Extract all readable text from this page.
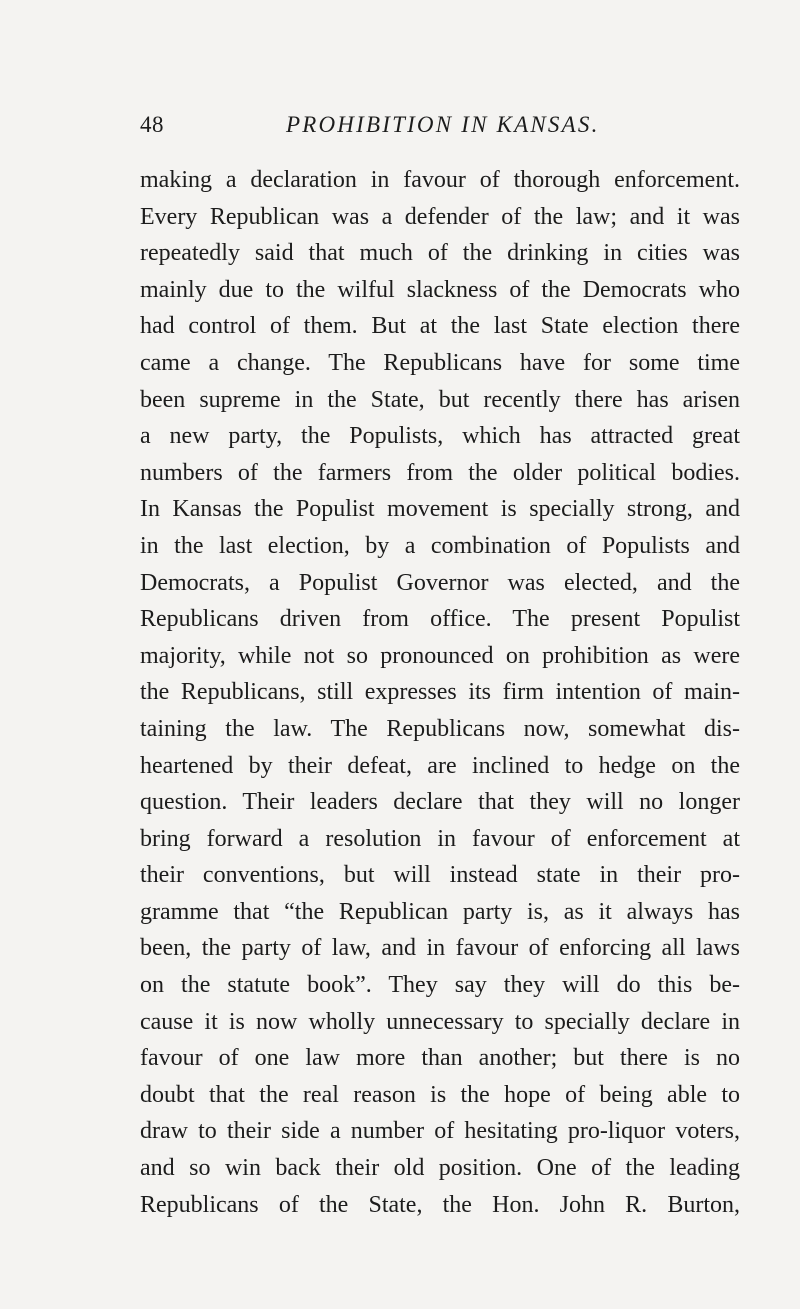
48	PROHIBITION IN KANSAS.
making a declaration in favour of thorough enforcement.
Every Republican was a defender of the law; and it was
repeatedly said that much of the drinking in cities was
mainly due to the wilful slackness of the Democrats who
had control of them. But at the last State election there
came a change. The Republicans have for some time
been supreme in the State, but recently there has arisen
a new party, the Populists, which has attracted great
numbers of the farmers from the older political bodies.
In Kansas the Populist movement is specially strong, and
in the last election, by a combination of Populists and
Democrats, a Populist Governor was elected, and the
Republicans driven from office. The present Populist
majority, while not so pronounced on prohibition as were
the Republicans, still expresses its firm intention of main-
taining the law. The Republicans now, somewhat dis-
heartened by their defeat, are inclined to hedge on the
question. Their leaders declare that they will no longer
bring forward a resolution in favour of enforcement at
their conventions, but will instead state in their pro-
gramme that “the Republican party is, as it always has
been, the party of law, and in favour of enforcing all laws
on the statute book”. They say they will do this be-
cause it is now wholly unnecessary to specially declare in
favour of one law more than another; but there is no
doubt that the real reason is the hope of being able to
draw to their side a number of hesitating pro-liquor voters,
and so win back their old position. One of the leading
Republicans of the State, the Hon. John R. Burton,
